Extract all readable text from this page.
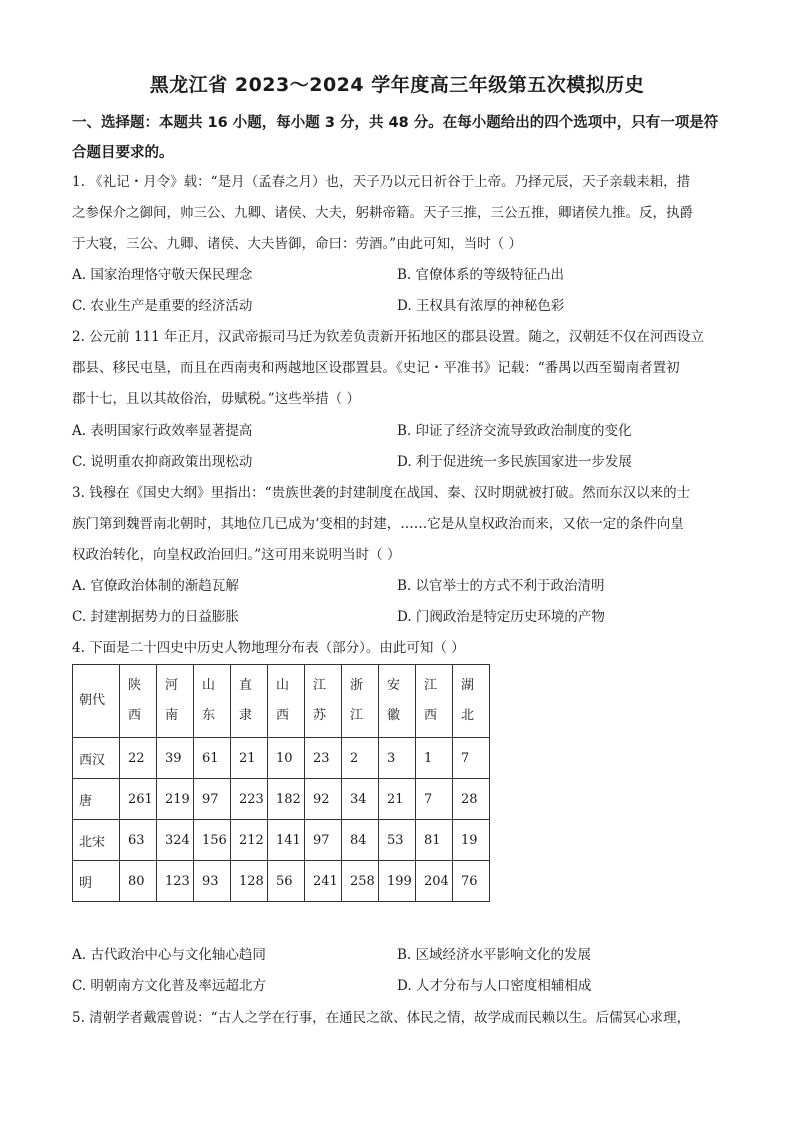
黑龙江省 2023～2024 学年度高三年级第五次模拟历史
一、选择题：本题共 16 小题，每小题 3 分，共 48 分。在每小题给出的四个选项中，只有一项是符合题目要求的。
1. 《礼记・月令》载：“是月（孟春之月）也，天子乃以元日祈谷于上帝。乃择元辰，天子亲载耒耜，措
之参保介之御间，帅三公、九卿、诸侯、大夫，躬耕帝籍。天子三推，三公五推，卿诸侯九推。反，执爵
于大寝，三公、九卿、诸侯、大夫皆御，命曰：劳酒。”由此可知，当时（ ）
A. 国家治理恪守敬天保民理念	B. 官僚体系的等级特征凸出
C. 农业生产是重要的经济活动	D. 王权具有浓厚的神秘色彩
2. 公元前 111 年正月，汉武帝振司马迁为钦差负责新开拓地区的郡县设置。随之，汉朝廷不仅在河西设立
郡县、移民屯垦，而且在西南夷和两越地区设郡置县。《史记・平准书》记载：“番禺以西至蜀南者置初
郡十七，且以其故俗治，毋赋税。”这些举措（ ）
A. 表明国家行政效率显著提高	B. 印证了经济交流导致政治制度的变化
C. 说明重农抑商政策出现松动	D. 利于促进统一多民族国家进一步发展
3. 钱穆在《国史大纲》里指出：“贵族世袭的封建制度在战国、秦、汉时期就被打破。然而东汉以来的士
族门第到魏晋南北朝时，其地位几已成为‘变相的封建，……它是从皇权政治而来，又依一定的条件向皇
权政治转化，向皇权政治回归。”这可用来说明当时（ ）
A. 官僚政治体制的渐趋瓦解	B. 以官举士的方式不利于政治清明
C. 封建割据势力的日益膨胀	D. 门阀政治是特定历史环境的产物
4. 下面是二十四史中历史人物地理分布表（部分）。由此可知（ ）
朝代	陕西	河南	山东	直隶	山西	江苏	浙江	安徽	江西	湖北

西汉	22	39	61	21	10	23	2	3	1	7
唐	261	219	97	223	182	92	34	21	7	28
北宋	63	324	156	212	141	97	84	53	81	19
明	80	123	93	128	56	241	258	199	204	76
A. 古代政治中心与文化轴心趋同	B. 区域经济水平影响文化的发展
C. 明朝南方文化普及率远超北方	D. 人才分布与人口密度相辅相成
5. 清朝学者戴震曾说：“古人之学在行事，在通民之欲、体民之情，故学成而民赖以生。后儒冥心求理，
